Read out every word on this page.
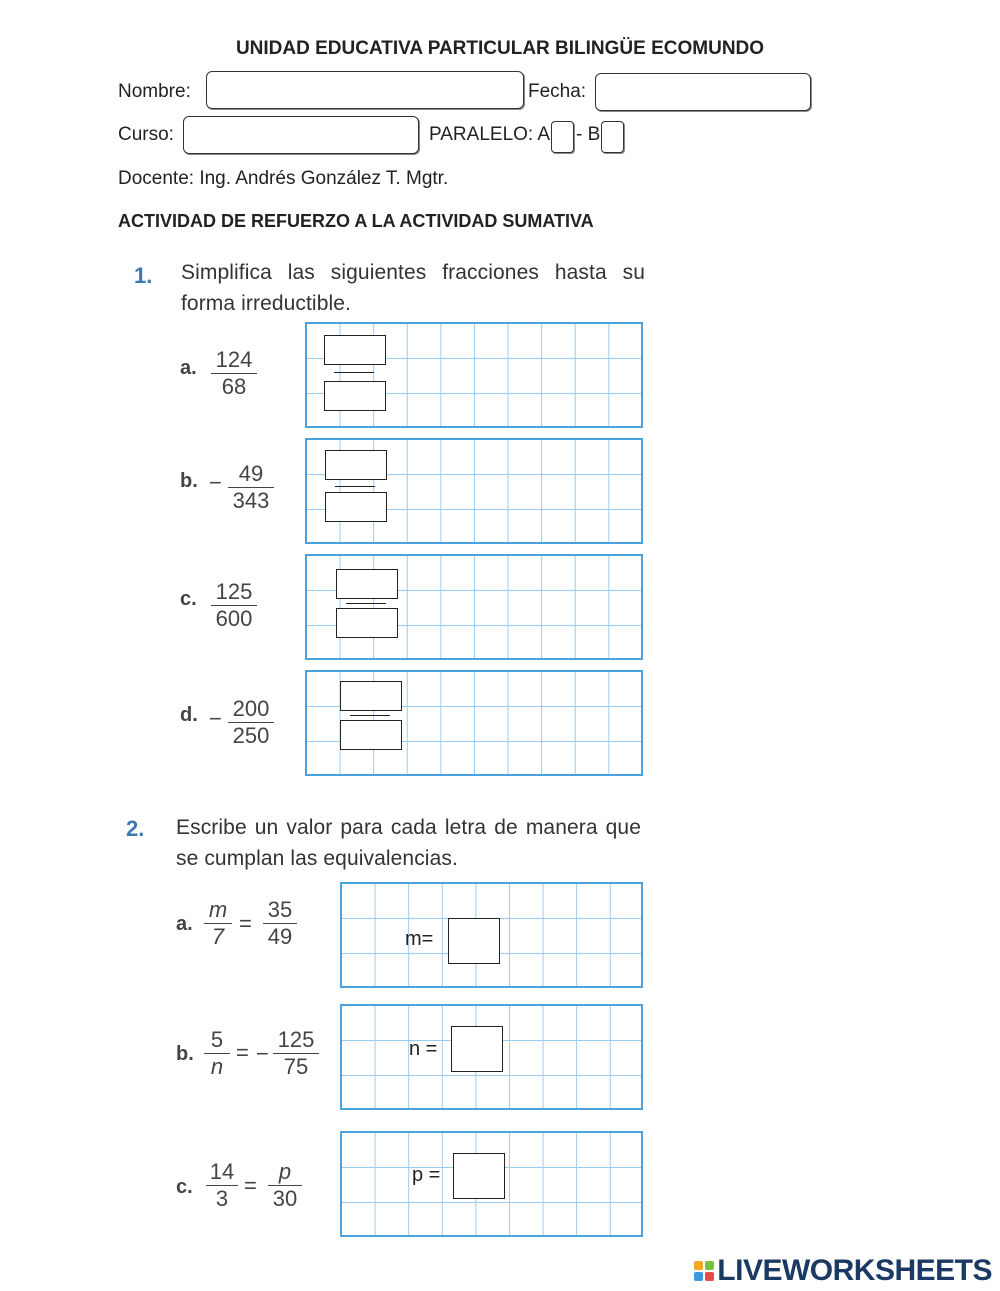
UNIDAD EDUCATIVA PARTICULAR BILINGÜE ECOMUNDO
Nombre:	Fecha:
Curso:	PARALELO: A - B
Docente: Ing. Andrés González T. Mgtr.
ACTIVIDAD DE REFUERZO A LA ACTIVIDAD SUMATIVA
1. Simplifica las siguientes fracciones hasta su
forma irreductible.
a. 124
68
b. − 49
343
c. 125
600
d. − 200
250
2. Escribe un valor para cada letra de manera que
se cumplan las equivalencias.
a.
m
7
=
35
49	m=
b.
5
n
= −
125
75
n =
c.
14
3
=
p
30
p =
LIVEWORKSHEETS
